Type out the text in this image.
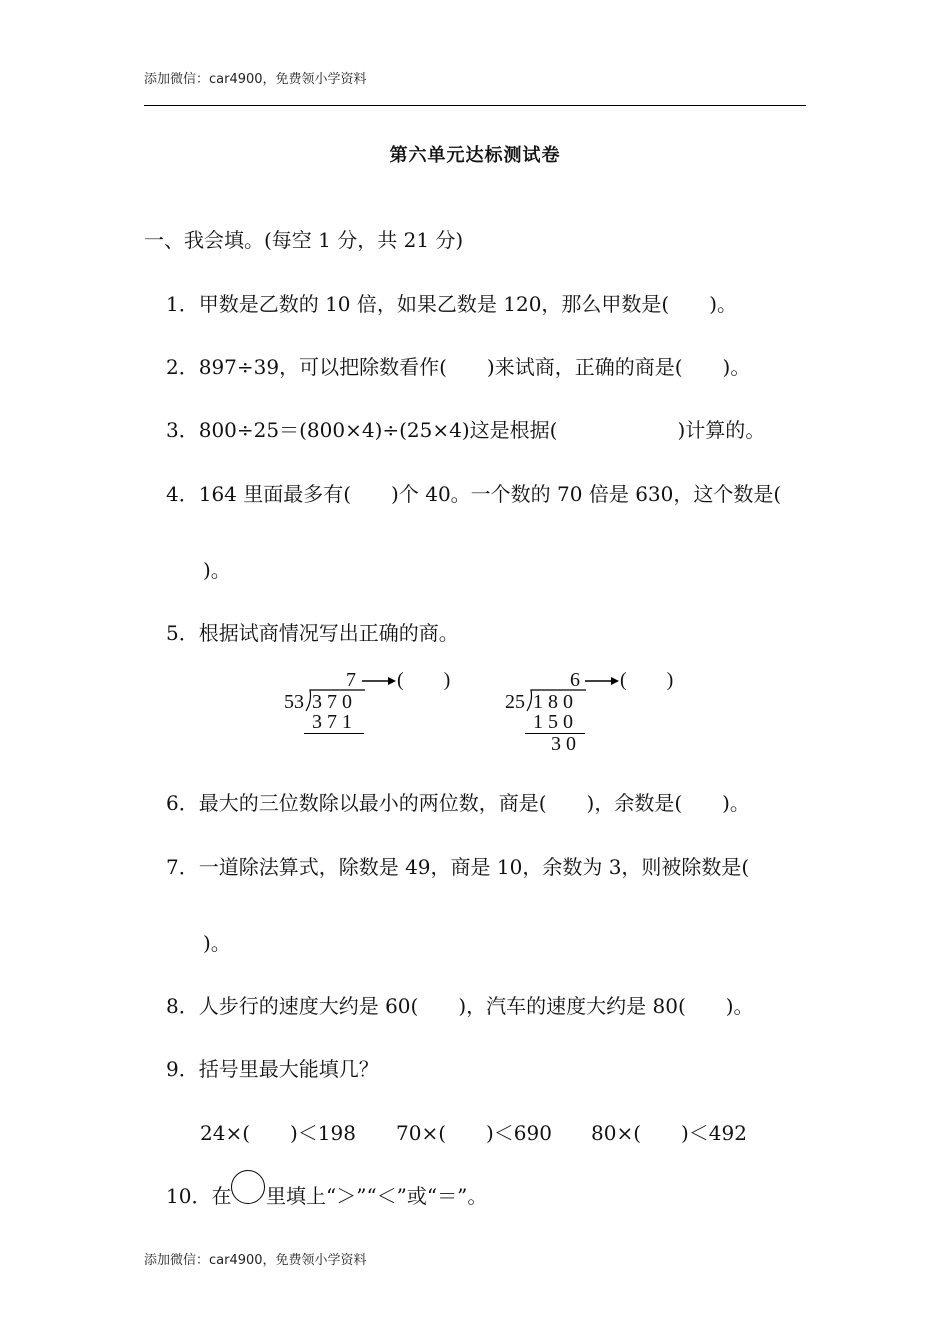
添加微信：car4900，免费领小学资料
第六单元达标测试卷
一、我会填。(每空 1 分，共 21 分)
1．甲数是乙数的 10 倍，如果乙数是 120，那么甲数是(　　)。
2．897÷39，可以把除数看作(　　)来试商，正确的商是(　　)。
3．800÷25＝(800×4)÷(25×4)这是根据(　　　　　　)计算的。
4．164 里面最多有(　　)个 40。一个数的 70 倍是 630，这个数是(
)。
5．根据试商情况写出正确的商。
7 (　　)
53 3 7 0
3 7 1
6 (　　)
25 1 8 0
1 5 0
3 0
6．最大的三位数除以最小的两位数，商是(　　)，余数是(　　)。
7．一道除法算式，除数是 49，商是 10，余数为 3，则被除数是(
)。
8．人步行的速度大约是 60(　　)，汽车的速度大约是 80(　　)。
9．括号里最大能填几？
24×(　　)＜198 70×(　　)＜690 80×(　　)＜492
10．在 里填上“＞”“＜”或“＝”。
添加微信：car4900，免费领小学资料
